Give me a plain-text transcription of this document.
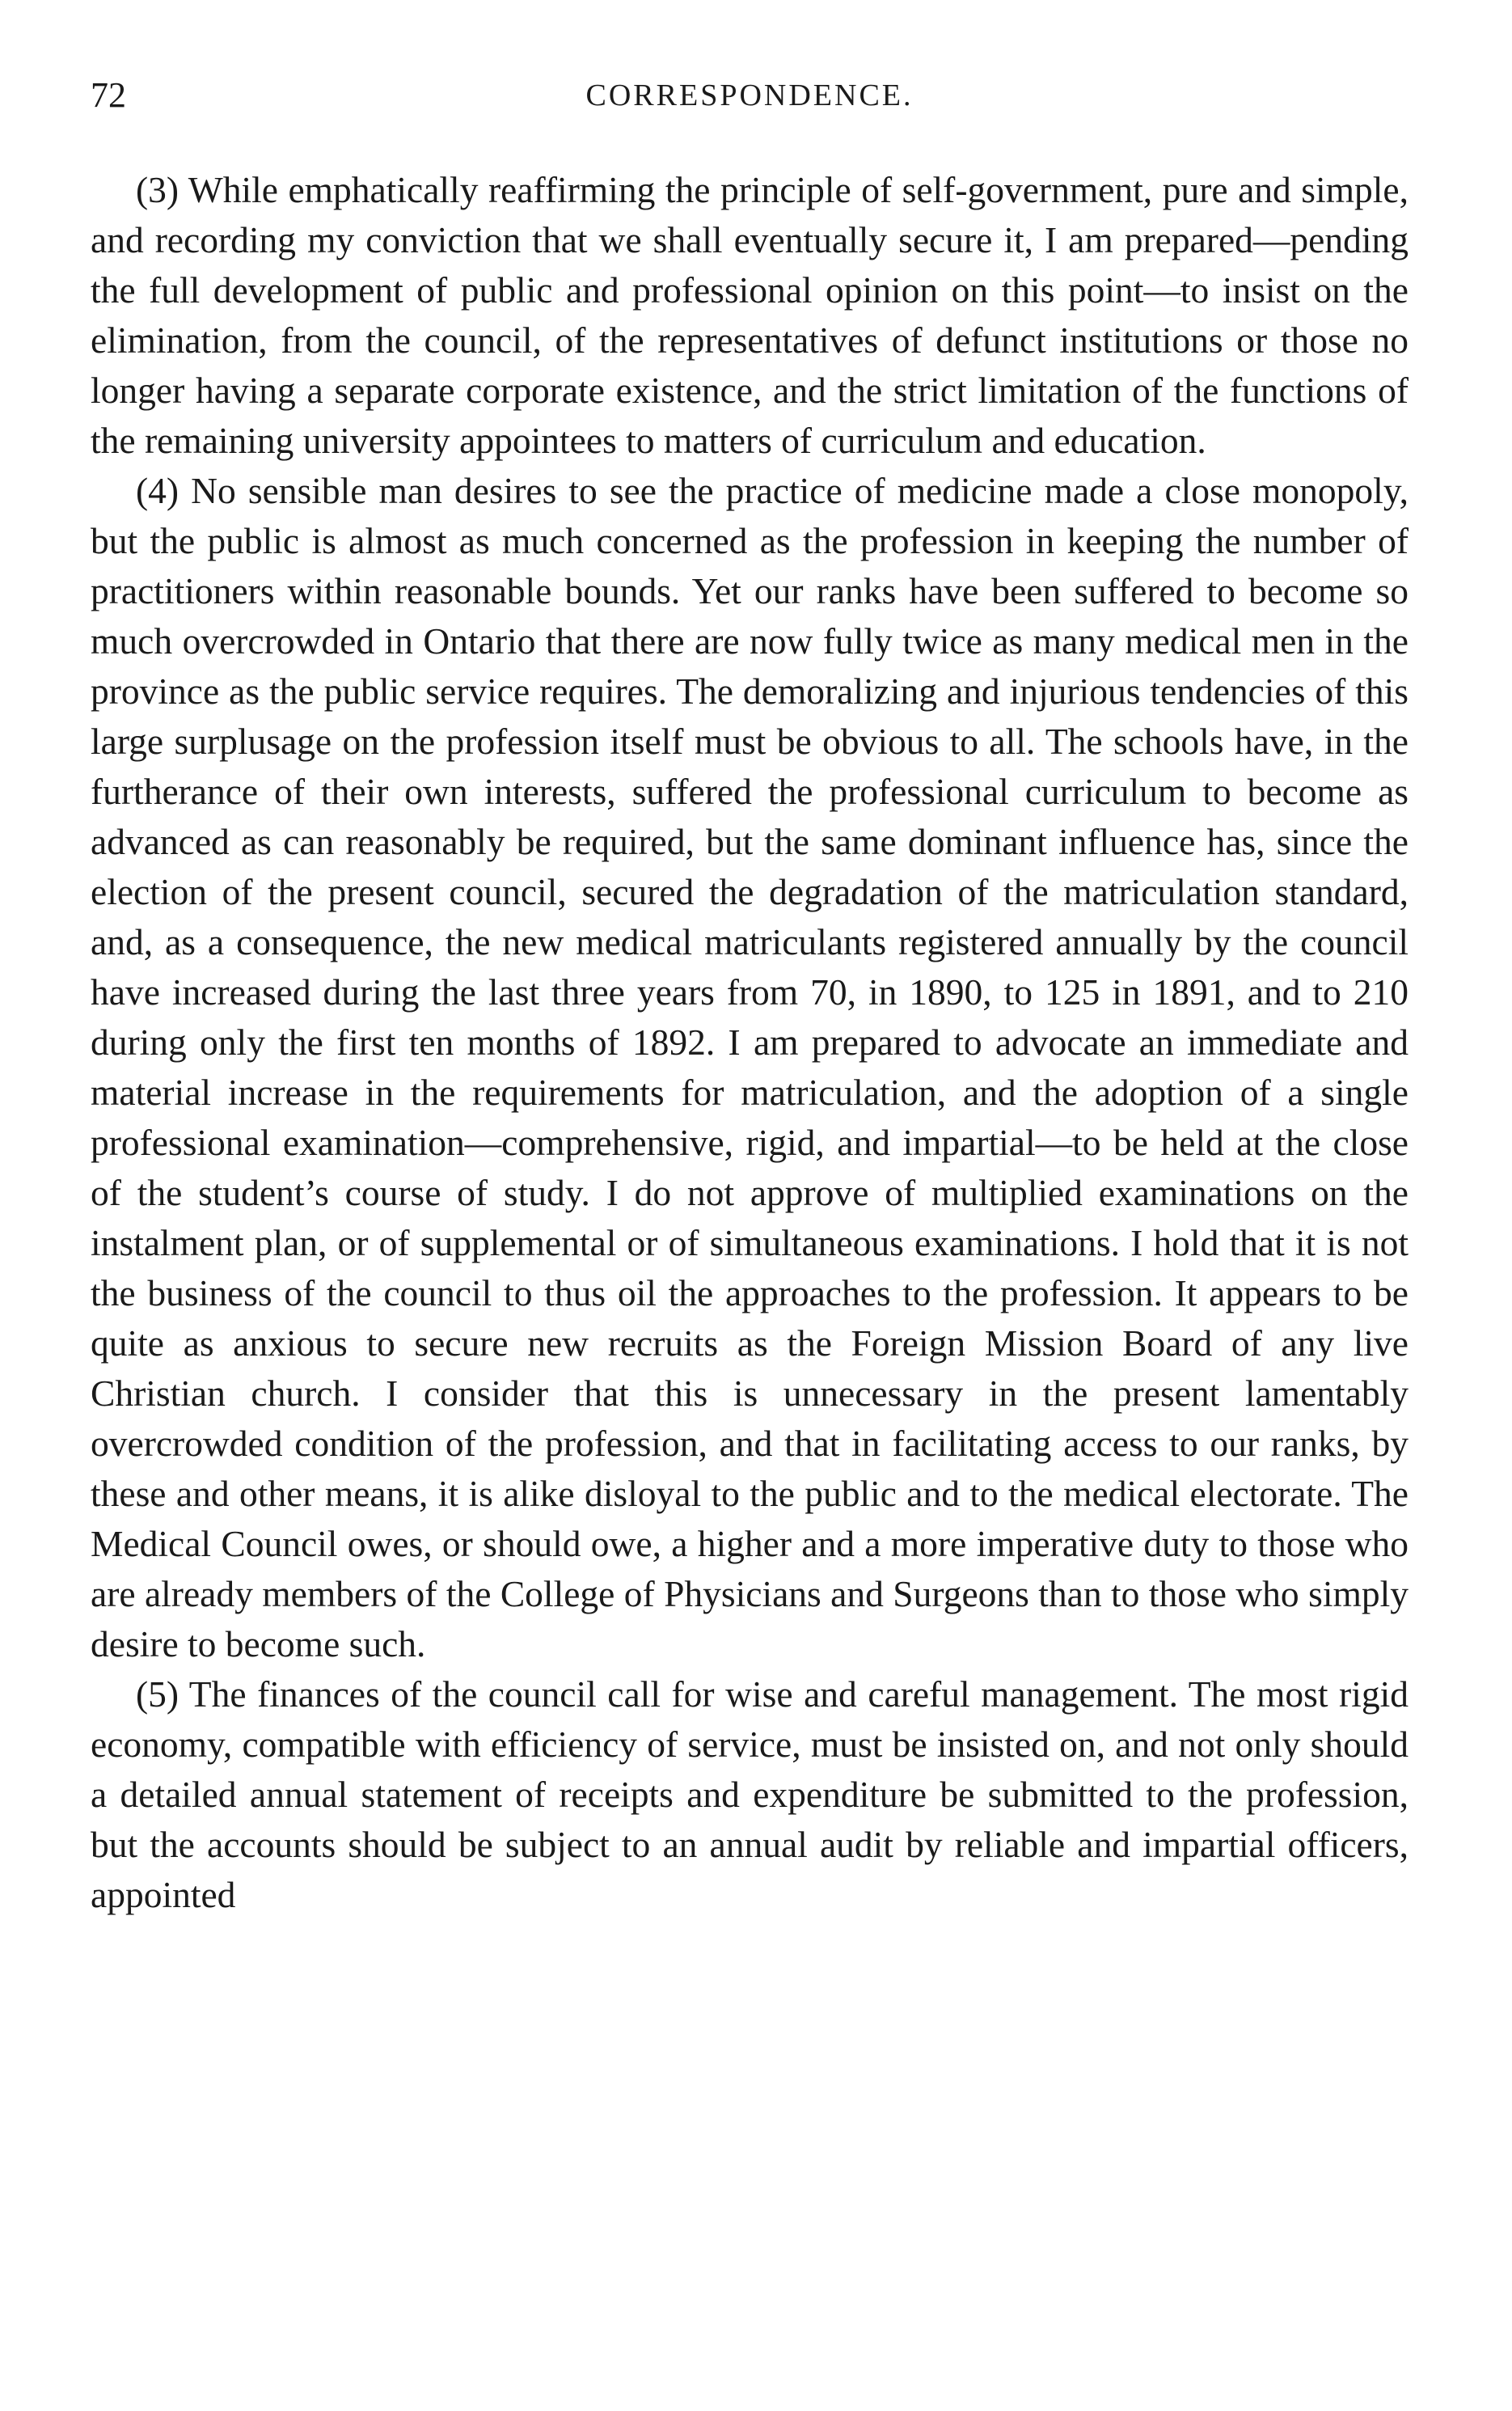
72	CORRESPONDENCE.

(3) While emphatically reaffirming the principle of self-government, pure and simple, and recording my conviction that we shall eventually secure it, I am prepared—pending the full development of public and professional opinion on this point—to insist on the elimination, from the council, of the representatives of defunct institutions or those no longer having a separate corporate existence, and the strict limitation of the functions of the remaining university appointees to matters of curriculum and education.

(4) No sensible man desires to see the practice of medicine made a close monopoly, but the public is almost as much concerned as the profession in keeping the number of practitioners within reasonable bounds. Yet our ranks have been suffered to become so much overcrowded in Ontario that there are now fully twice as many medical men in the province as the public service requires. The demoralizing and injurious tendencies of this large surplusage on the profession itself must be obvious to all. The schools have, in the furtherance of their own interests, suffered the professional curriculum to become as advanced as can reasonably be required, but the same dominant influence has, since the election of the present council, secured the degradation of the matriculation standard, and, as a consequence, the new medical matriculants registered annually by the council have increased during the last three years from 70, in 1890, to 125 in 1891, and to 210 during only the first ten months of 1892. I am prepared to advocate an immediate and material increase in the requirements for matriculation, and the adoption of a single professional examination—comprehensive, rigid, and impartial—to be held at the close of the student’s course of study. I do not approve of multiplied examinations on the instalment plan, or of supplemental or of simultaneous examinations. I hold that it is not the business of the council to thus oil the approaches to the profession. It appears to be quite as anxious to secure new recruits as the Foreign Mission Board of any live Christian church. I consider that this is unnecessary in the present lamentably overcrowded condition of the profession, and that in facilitating access to our ranks, by these and other means, it is alike disloyal to the public and to the medical electorate. The Medical Council owes, or should owe, a higher and a more imperative duty to those who are already members of the College of Physicians and Surgeons than to those who simply desire to become such.

(5) The finances of the council call for wise and careful management. The most rigid economy, compatible with efficiency of service, must be insisted on, and not only should a detailed annual statement of receipts and expenditure be submitted to the profession, but the accounts should be subject to an annual audit by reliable and impartial officers, appointed
